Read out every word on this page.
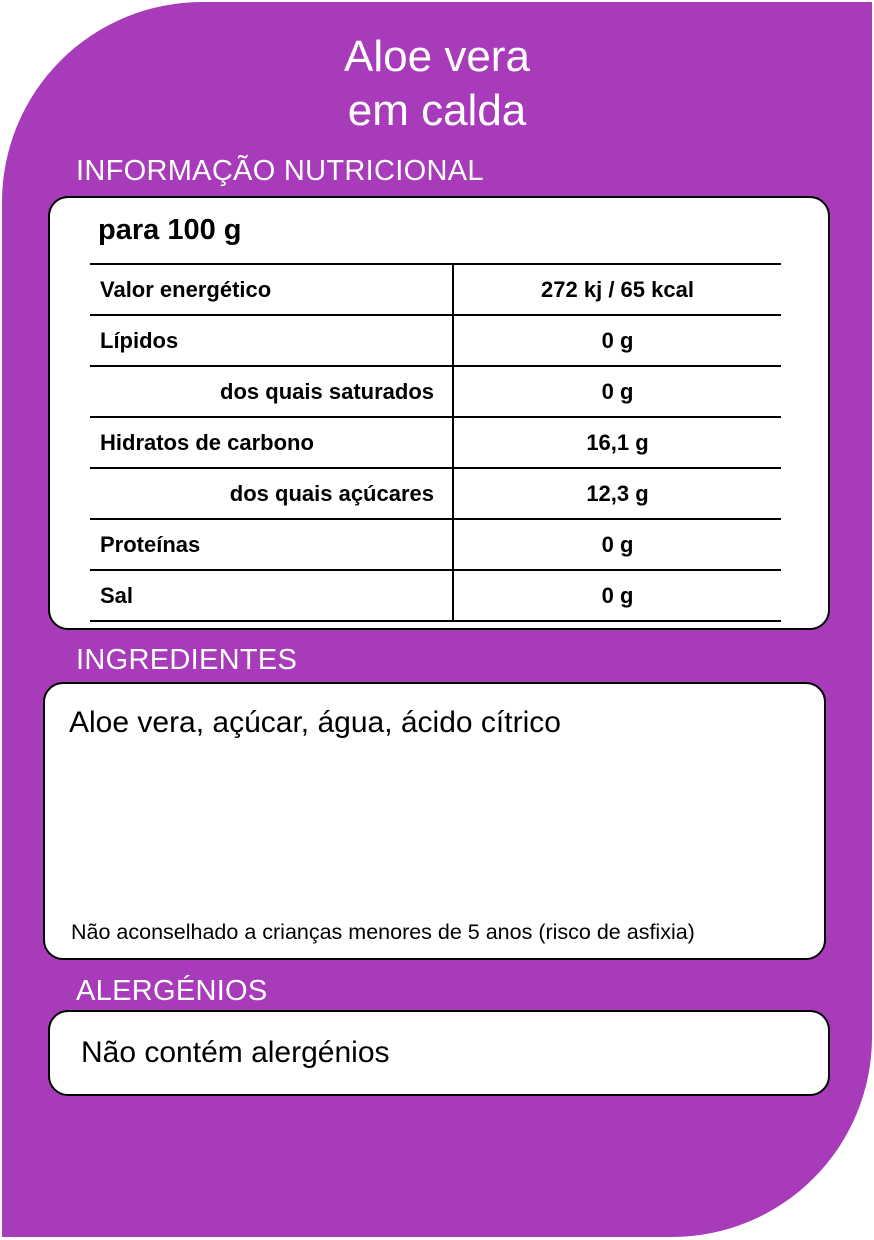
Aloe vera
em calda
INFORMAÇÃO NUTRICIONAL
para 100 g
Valor energético	272 kj / 65 kcal
Lípidos	0 g
dos quais saturados	0 g
Hidratos de carbono	16,1 g
dos quais açúcares	12,3 g
Proteínas	0 g
Sal	0 g
INGREDIENTES
Aloe vera, açúcar, água, ácido cítrico
Não aconselhado a crianças menores de 5 anos (risco de asfixia)
ALERGÉNIOS
Não contém alergénios
